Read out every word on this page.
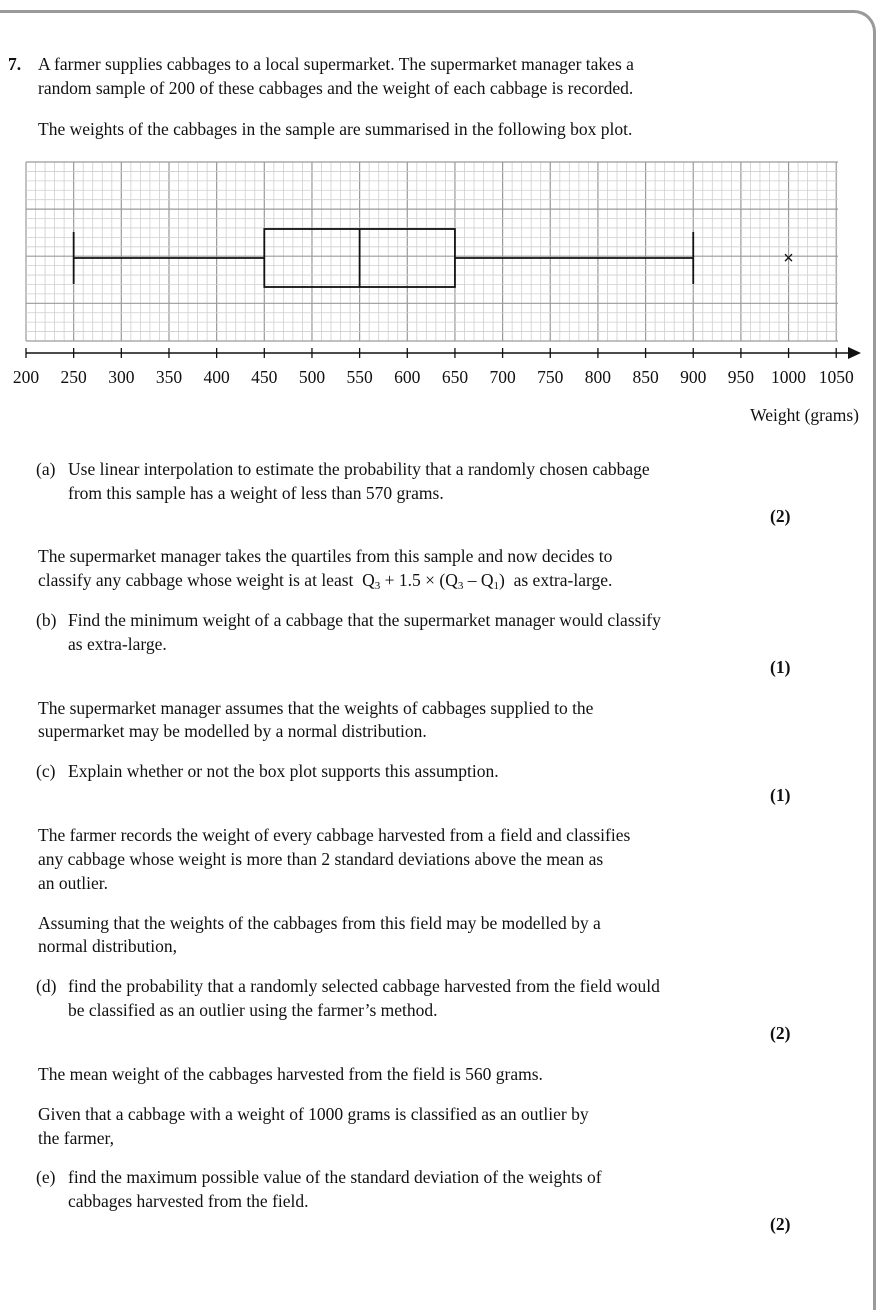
7. A farmer supplies cabbages to a local supermarket. The supermarket manager takes a
random sample of 200 of these cabbages and the weight of each cabbage is recorded.
The weights of the cabbages in the sample are summarised in the following box plot.
200 250 300 350 400 450 500 550 600 650 700 750 800 850 900 950 1000 1050
×
Weight (grams)
(a) Use linear interpolation to estimate the probability that a randomly chosen cabbage
from this sample has a weight of less than 570 grams.
(2)
The supermarket manager takes the quartiles from this sample and now decides to
classify any cabbage whose weight is at least $Q_3 + 1.5 \times (Q_3 - Q_1)$ as extra-large.
(b) Find the minimum weight of a cabbage that the supermarket manager would classify
as extra-large.
(1)
The supermarket manager assumes that the weights of cabbages supplied to the
supermarket may be modelled by a normal distribution.
(c) Explain whether or not the box plot supports this assumption.
(1)
The farmer records the weight of every cabbage harvested from a field and classifies
any cabbage whose weight is more than 2 standard deviations above the mean as
an outlier.
Assuming that the weights of the cabbages from this field may be modelled by a
normal distribution,
(d) find the probability that a randomly selected cabbage harvested from the field would
be classified as an outlier using the farmer’s method.
(2)
The mean weight of the cabbages harvested from the field is 560 grams.
Given that a cabbage with a weight of 1000 grams is classified as an outlier by
the farmer,
(e) find the maximum possible value of the standard deviation of the weights of
cabbages harvested from the field.
(2)
